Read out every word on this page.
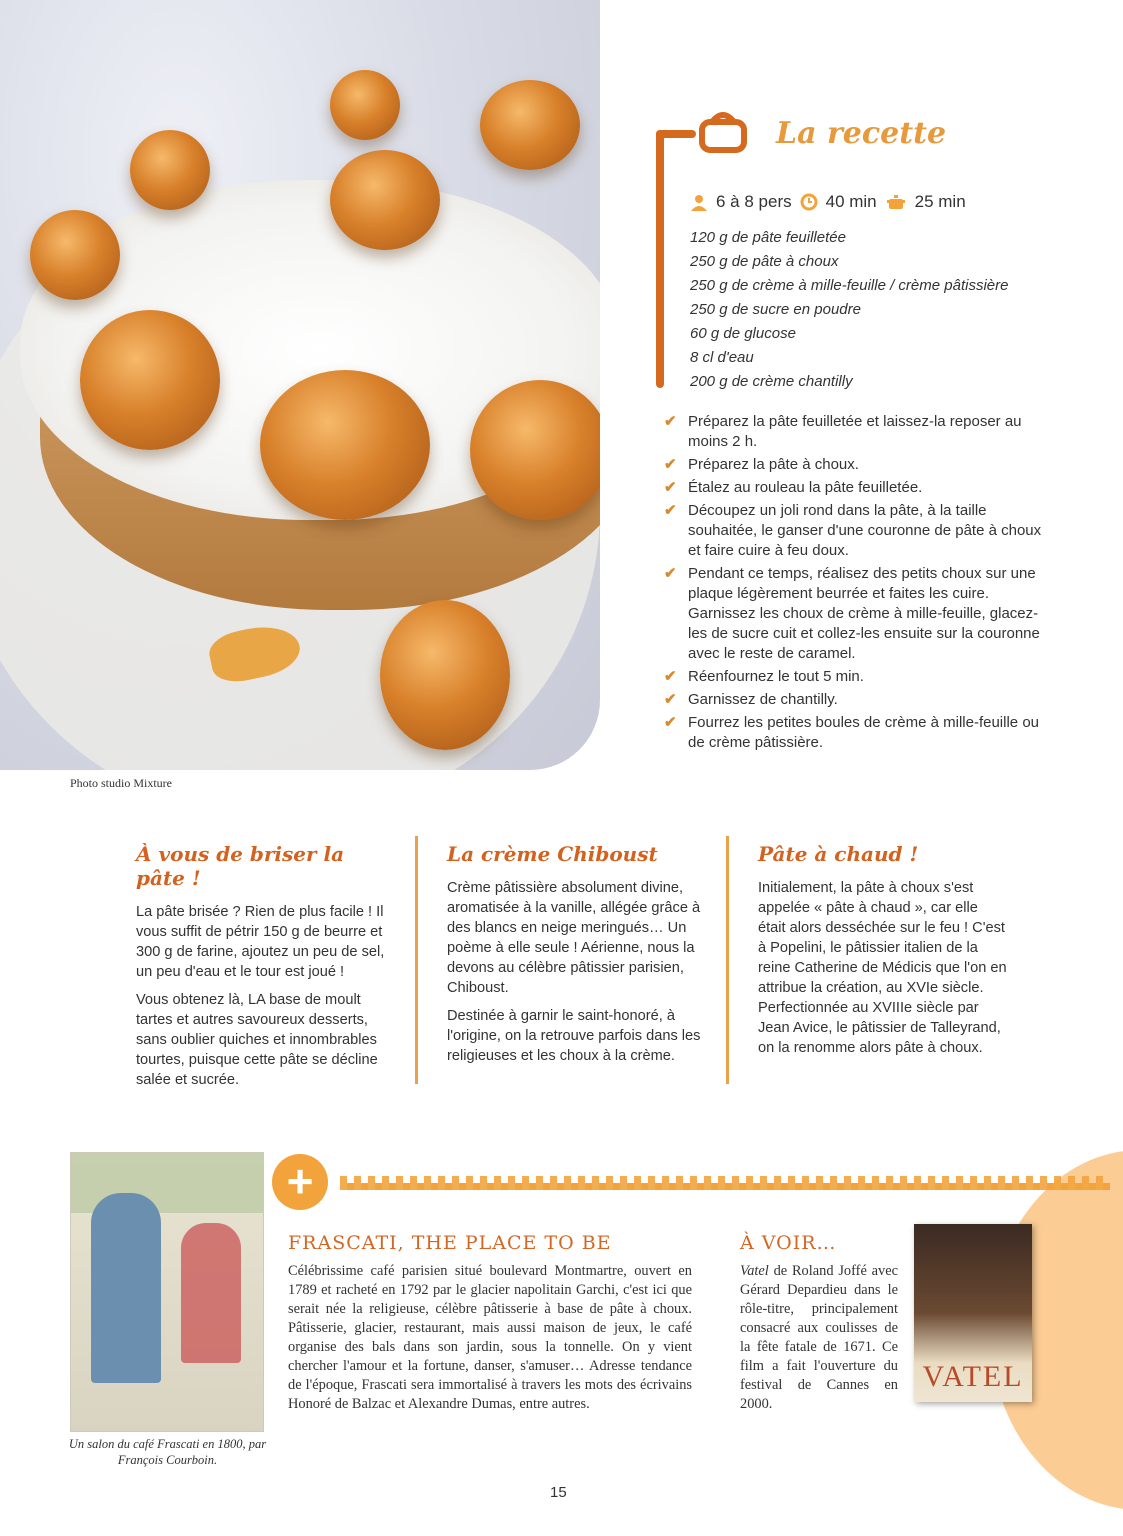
Photo studio Mixture
La recette
6 à 8 pers 40 min 25 min
120 g de pâte feuilletée
250 g de pâte à choux
250 g de crème à mille-feuille / crème pâtissière
250 g de sucre en poudre
60 g de glucose
8 cl d'eau
200 g de crème chantilly
✔ Préparez la pâte feuilletée et laissez-la reposer au moins 2 h.
✔ Préparez la pâte à choux.
✔ Étalez au rouleau la pâte feuilletée.
✔ Découpez un joli rond dans la pâte, à la taille souhaitée, le ganser d'une couronne de pâte à choux et faire cuire à feu doux.
✔ Pendant ce temps, réalisez des petits choux sur une plaque légèrement beurrée et faites les cuire. Garnissez les choux de crème à mille-feuille, glacez-les de sucre cuit et collez-les ensuite sur la couronne avec le reste de caramel.
✔ Réenfournez le tout 5 min.
✔ Garnissez de chantilly.
✔ Fourrez les petites boules de crème à mille-feuille ou de crème pâtissière.
À vous de briser la pâte !

La pâte brisée ? Rien de plus facile ! Il vous suffit de pétrir 150 g de beurre et 300 g de farine, ajoutez un peu de sel, un peu d'eau et le tour est joué !

Vous obtenez là, LA base de moult tartes et autres savoureux desserts, sans oublier quiches et innombrables tourtes, puisque cette pâte se décline salée et sucrée.

La crème Chiboust

Crème pâtissière absolument divine, aromatisée à la vanille, allégée grâce à des blancs en neige meringués… Un poème à elle seule ! Aérienne, nous la devons au célèbre pâtissier parisien, Chiboust.

Destinée à garnir le saint-honoré, à l'origine, on la retrouve parfois dans les religieuses et les choux à la crème.

Pâte à chaud !

Initialement, la pâte à choux s'est appelée « pâte à chaud », car elle était alors desséchée sur le feu ! C'est à Popelini, le pâtissier italien de la reine Catherine de Médicis que l'on en attribue la création, au XVIe siècle. Perfectionnée au XVIIIe siècle par Jean Avice, le pâtissier de Talleyrand, on la renomme alors pâte à choux.

Un salon du café Frascati en 1800, par François Courboin.
+
FRASCATI, THE PLACE TO BE

Célébrissime café parisien situé boulevard Montmartre, ouvert en 1789 et racheté en 1792 par le glacier napolitain Garchi, c'est ici que serait née la religieuse, célèbre pâtisserie à base de pâte à choux. Pâtisserie, glacier, restaurant, mais aussi maison de jeux, le café organise des bals dans son jardin, sous la tonnelle. On y vient chercher l'amour et la fortune, danser, s'amuser… Adresse tendance de l'époque, Frascati sera immortalisé à travers les mots des écrivains Honoré de Balzac et Alexandre Dumas, entre autres.

À VOIR…

Vatel de Roland Joffé avec Gérard Depardieu dans le rôle-titre, principalement consacré aux coulisses de la fête fatale de 1671. Ce film a fait l'ouverture du festival de Cannes en 2000.

VATEL
15
